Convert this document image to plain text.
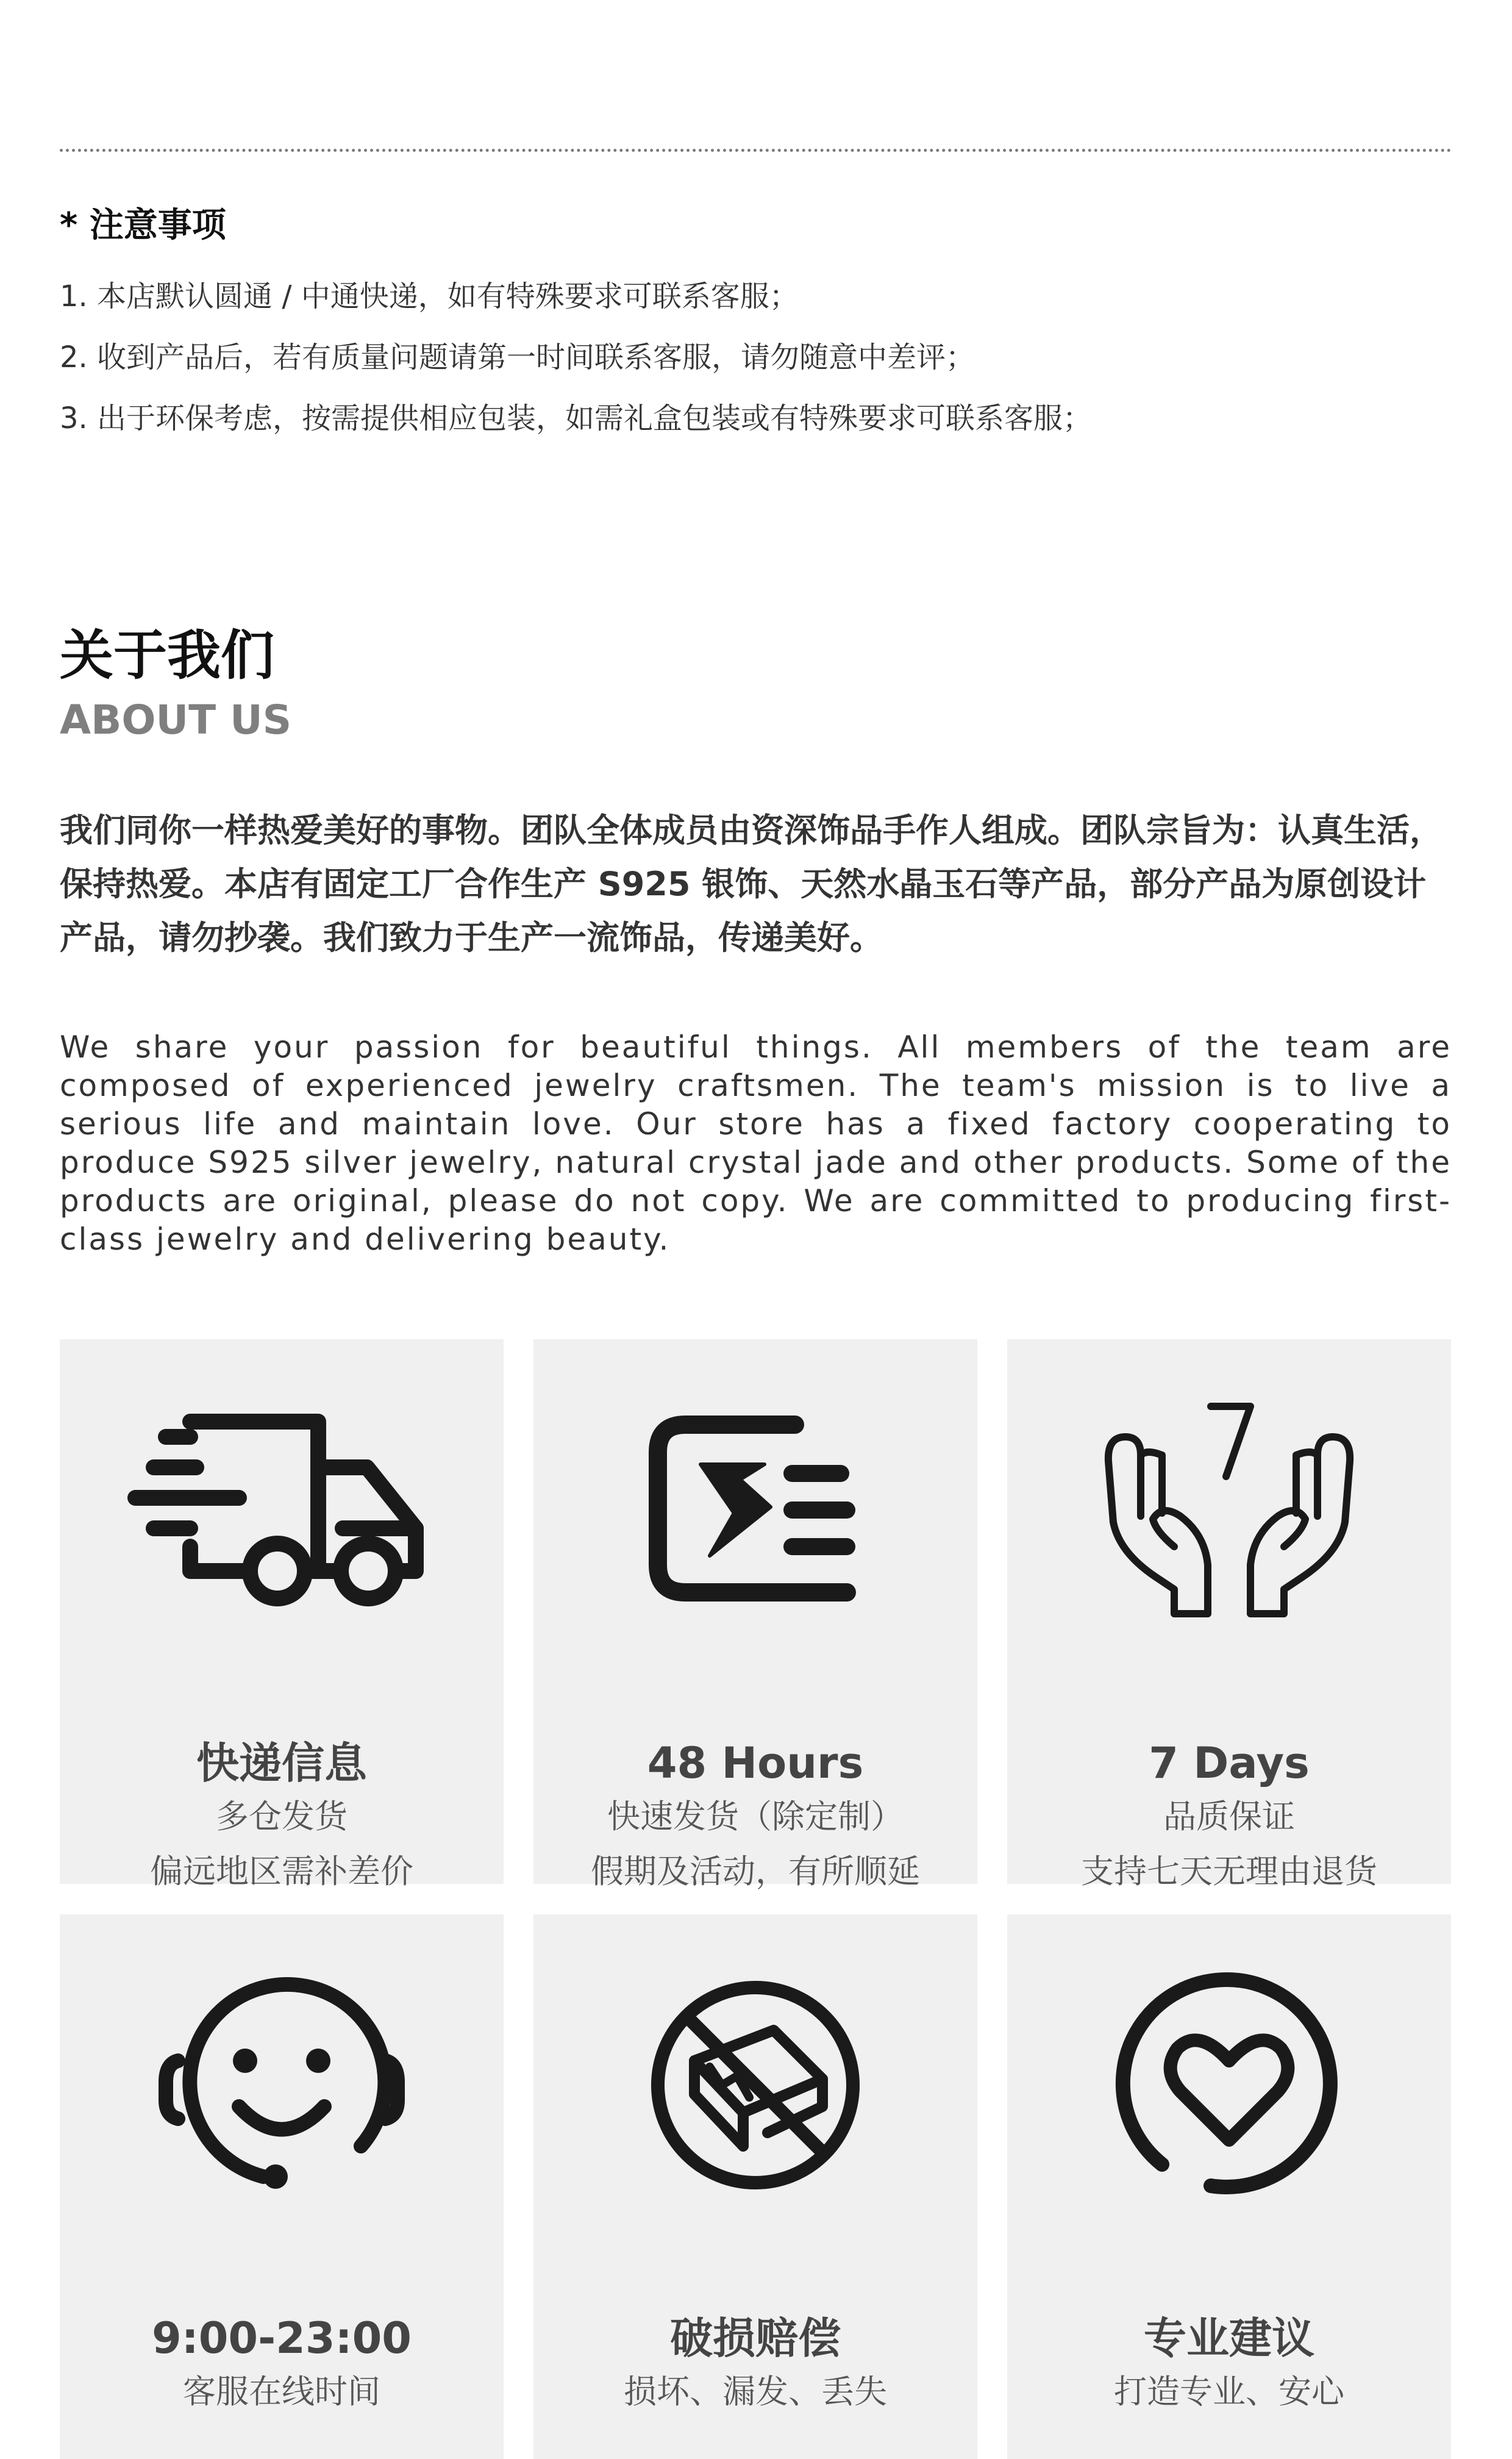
* 注意事项
1. 本店默认圆通 / 中通快递，如有特殊要求可联系客服；
2. 收到产品后，若有质量问题请第一时间联系客服，请勿随意中差评；
3. 出于环保考虑，按需提供相应包装，如需礼盒包装或有特殊要求可联系客服；
关于我们
ABOUT US

我们同你一样热爱美好的事物。团队全体成员由资深饰品手作人组成。团队宗旨为：认真生活，保持热爱。本店有固定工厂合作生产 S925 银饰、天然水晶玉石等产品，部分产品为原创设计产品，请勿抄袭。我们致力于生产一流饰品，传递美好。

We share your passion for beautiful things. All members of the team are composed of experienced jewelry craftsmen. The team's mission is to live a serious life and maintain love. Our store has a fixed factory cooperating to produce S925 silver jewelry, natural crystal jade and other products. Some of the products are original, please do not copy. We are committed to producing first-class jewelry and delivering beauty.

快递信息
多仓发货
偏远地区需补差价
48 Hours
快速发货（除定制）
假期及活动，有所顺延
7 Days
品质保证
支持七天无理由退货
9:00-23:00
客服在线时间
破损赔偿
损坏、漏发、丢失
专业建议
打造专业、安心
